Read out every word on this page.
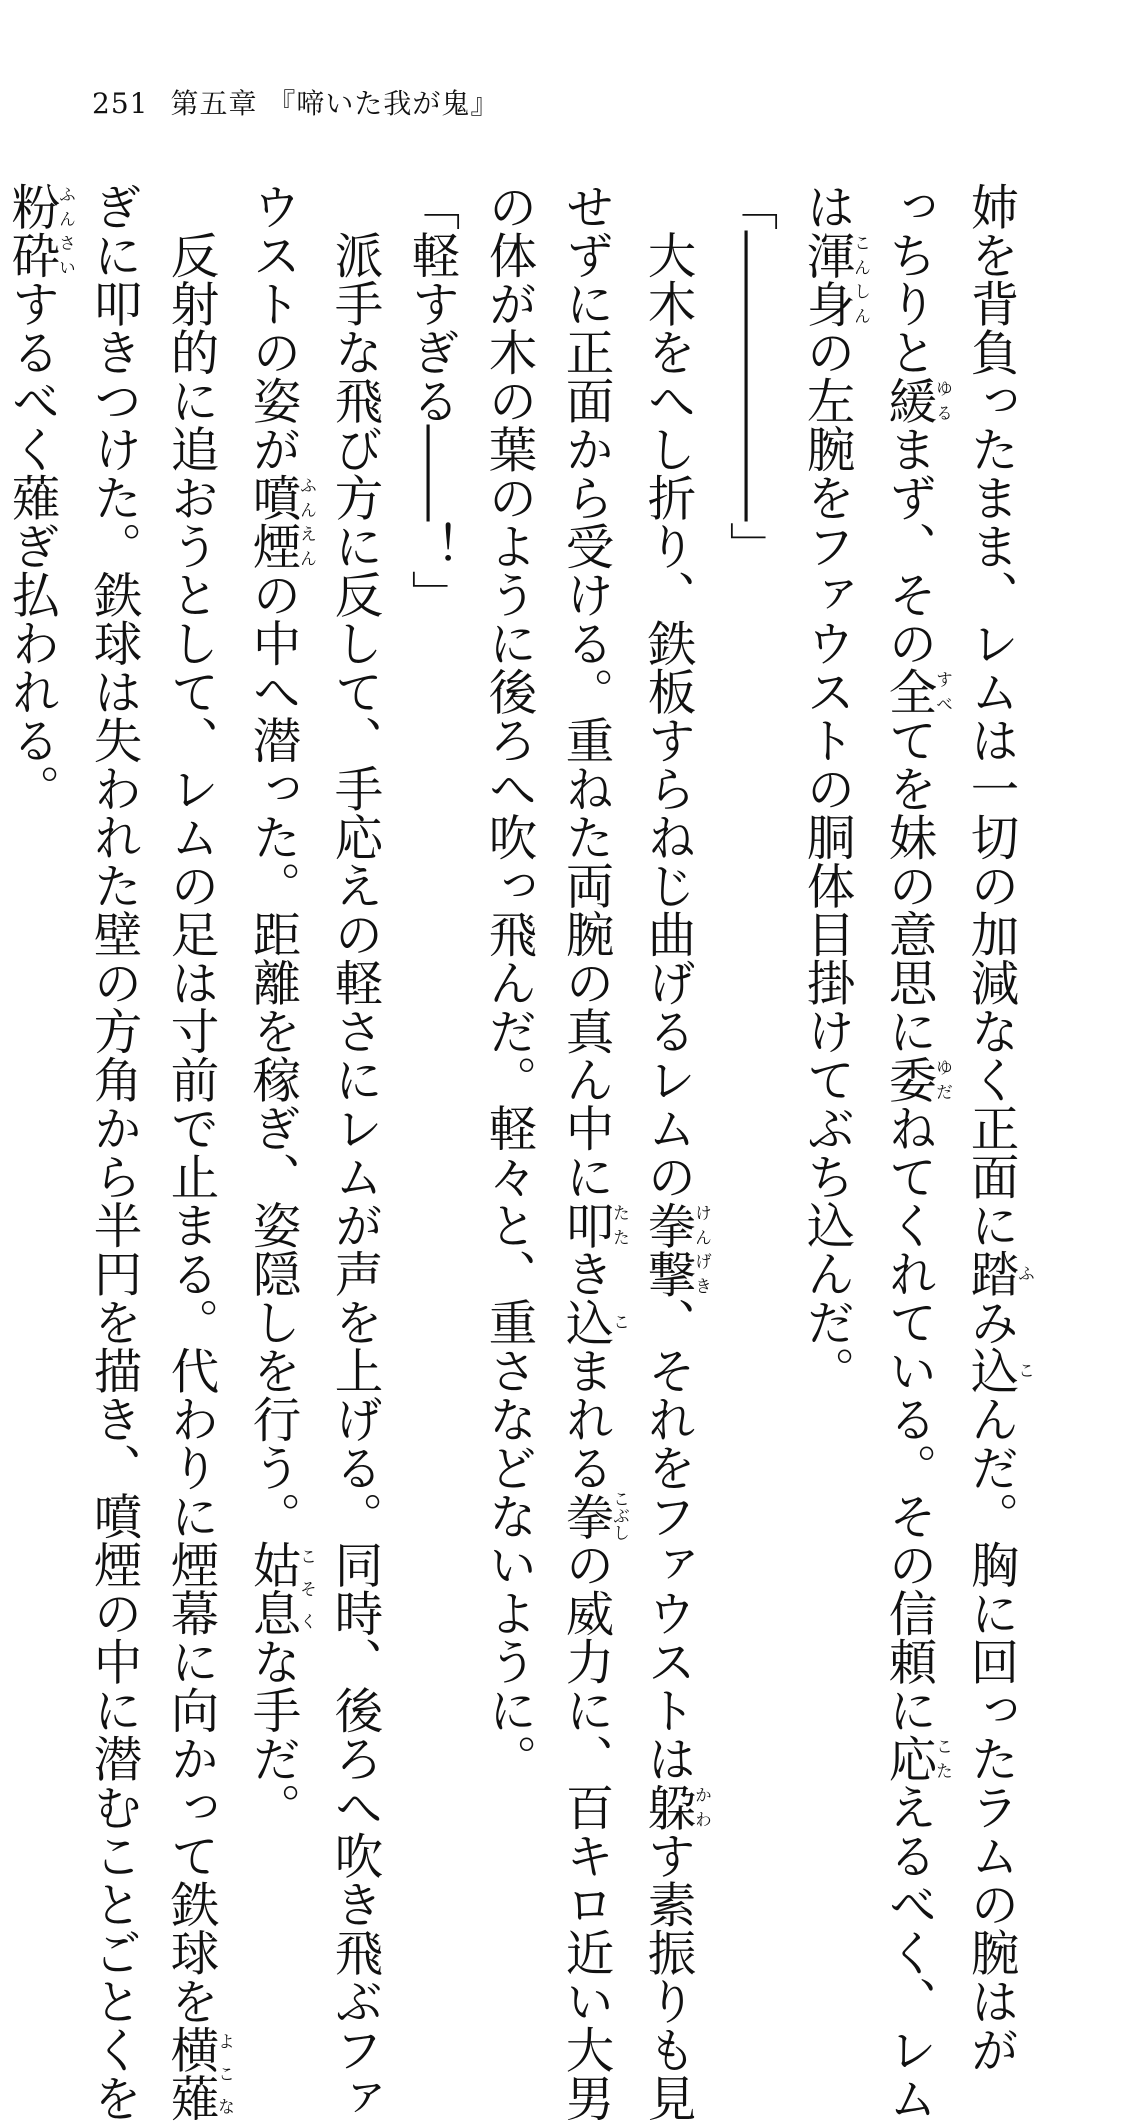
251 第五章 『啼いた我が鬼』

姉を背負ったまま、レムは一切の加減なく正面に踏ふみ込こんだ。胸に回ったラムの腕はが

っちりと緩ゆるまず、その全すべてを妹の意思に委ゆだねてくれている。その信頼に応こたえるべく、レム

は渾身こんしんの左腕をファウストの胴体目掛けてぶち込んだ。

「――――――」

　大木をへし折り、鉄板すらねじ曲げるレムの拳撃けんげき、それをファウストは躱かわす素振りも見

せずに正面から受ける。重ねた両腕の真ん中に叩たたき込こまれる拳こぶしの威力に、百キロ近い大男

の体が木の葉のように後ろへ吹っ飛んだ。軽々と、重さなどないように。

「軽すぎる――！」

　派手な飛び方に反して、手応えの軽さにレムが声を上げる。同時、後ろへ吹き飛ぶファ

ウストの姿が噴煙ふんえんの中へ潜った。距離を稼ぎ、姿隠しを行う。姑息こそくな手だ。

　反射的に追おうとして、レムの足は寸前で止まる。代わりに煙幕に向かって鉄球を横薙よこな

ぎに叩きつけた。鉄球は失われた壁の方角から半円を描き、噴煙の中に潜むことごとくを

粉砕ふんさいするべく薙ぎ払われる。
